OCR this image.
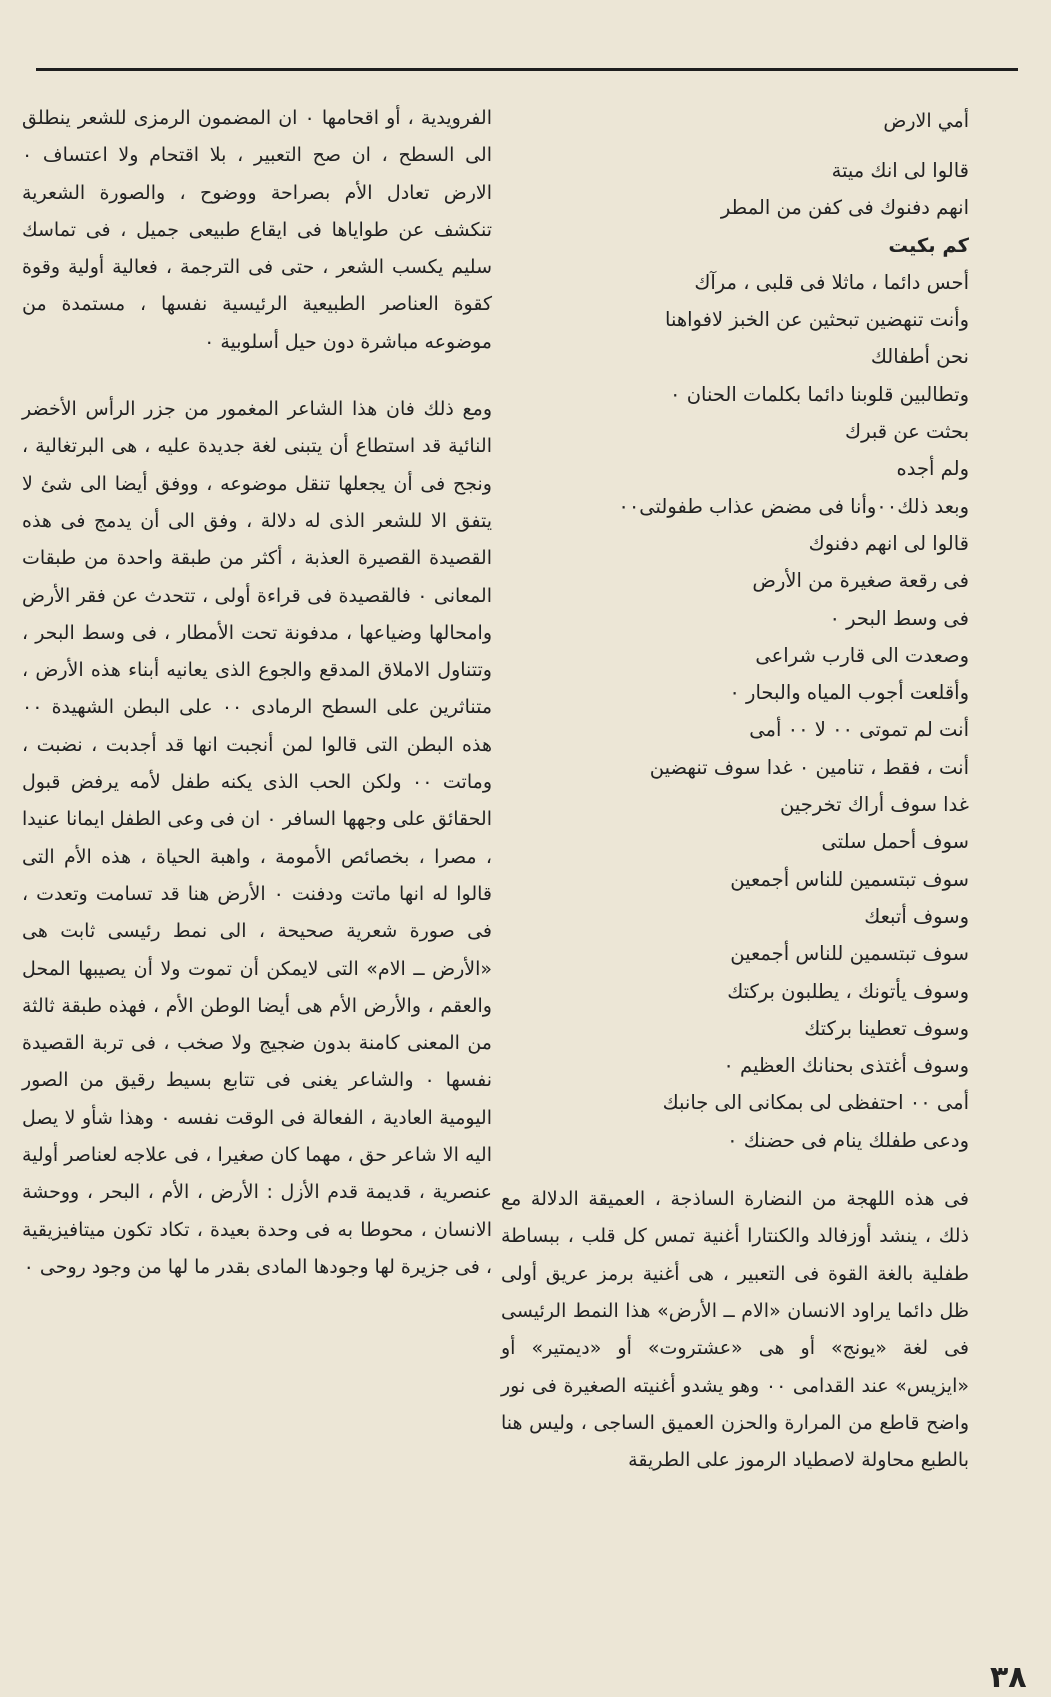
أمي الارض
قالوا لى انك ميتة
انهم دفنوك فى كفن من المطر
كم بكيت
أحس دائما ، ماثلا فى قلبى ، مرآك
وأنت تنهضين تبحثين عن الخبز لافواهنا
نحن أطفالك
وتطالبين قلوبنا دائما بكلمات الحنان ٠
بحثت عن قبرك
ولم أجده
وبعد ذلك٠٠وأنا فى مضض عذاب طفولتى٠٠
قالوا لى انهم دفنوك
فى رقعة صغيرة من الأرض
فى وسط البحر ٠
وصعدت الى قارب شراعى
وأقلعت أجوب المياه والبحار ٠
أنت لم تموتى ٠٠ لا ٠٠ أمى
أنت ، فقط ، تنامين ٠ غدا سوف تنهضين
غدا سوف أراك تخرجين
سوف أحمل سلتى
سوف تبتسمين للناس أجمعين
وسوف أتبعك
سوف تبتسمين للناس أجمعين
وسوف يأتونك ، يطلبون بركتك
وسوف تعطينا بركتك
وسوف أغتذى بحنانك العظيم ٠
أمى ٠٠ احتفظى لى بمكانى الى جانبك
ودعى طفلك ينام فى حضنك ٠

فى هذه اللهجة من النضارة الساذجة ، العميقة الدلالة مع ذلك ، ينشد أوزفالد والكنتارا أغنية تمس كل قلب ، ببساطة طفلية بالغة القوة فى التعبير ، هى أغنية برمز عريق أولى ظل دائما يراود الانسان «الام ــ الأرض» هذا النمط الرئيسى فى لغة «يونج» أو هى «عشتروت» أو «ديمتير» أو «ايزيس» عند القدامى ٠٠ وهو يشدو أغنيته الصغيرة فى نور واضح قاطع من المرارة والحزن العميق الساجى ، وليس هنا بالطبع محاولة لاصطياد الرموز على الطريقة

الفرويدية ، أو اقحامها ٠ ان المضمون الرمزى للشعر ينطلق الى السطح ، ان صح التعبير ، بلا اقتحام ولا اعتساف ٠ الارض تعادل الأم بصراحة ووضوح ، والصورة الشعرية تنكشف عن طواياها فى ايقاع طبيعى جميل ، فى تماسك سليم يكسب الشعر ، حتى فى الترجمة ، فعالية أولية وقوة كقوة العناصر الطبيعية الرئيسية نفسها ، مستمدة من موضوعه مباشرة دون حيل أسلوبية ٠

ومع ذلك فان هذا الشاعر المغمور من جزر الرأس الأخضر النائية قد استطاع أن يتبنى لغة جديدة عليه ، هى البرتغالية ، ونجح فى أن يجعلها تنقل موضوعه ، ووفق أيضا الى شئ لا يتفق الا للشعر الذى له دلالة ، وفق الى أن يدمج فى هذه القصيدة القصيرة العذبة ، أكثر من طبقة واحدة من طبقات المعانى ٠ فالقصيدة فى قراءة أولى ، تتحدث عن فقر الأرض وامحالها وضياعها ، مدفونة تحت الأمطار ، فى وسط البحر ، وتتناول الاملاق المدقع والجوع الذى يعانيه أبناء هذه الأرض ، متناثرين على السطح الرمادى ٠٠ على البطن الشهيدة ٠٠ هذه البطن التى قالوا لمن أنجبت انها قد أجدبت ، نضبت ، وماتت ٠٠ ولكن الحب الذى يكنه طفل لأمه يرفض قبول الحقائق على وجهها السافر ٠ ان فى وعى الطفل ايمانا عنيدا ، مصرا ، بخصائص الأمومة ، واهبة الحياة ، هذه الأم التى قالوا له انها ماتت ودفنت ٠ الأرض هنا قد تسامت وتعدت ، فى صورة شعرية صحيحة ، الى نمط رئيسى ثابت هى «الأرض ــ الام» التى لايمكن أن تموت ولا أن يصيبها المحل والعقم ، والأرض الأم هى أيضا الوطن الأم ، فهذه طبقة ثالثة من المعنى كامنة بدون ضجيج ولا صخب ، فى تربة القصيدة نفسها ٠ والشاعر يغنى فى تتابع بسيط رقيق من الصور اليومية العادية ، الفعالة فى الوقت نفسه ٠ وهذا شأو لا يصل اليه الا شاعر حق ، مهما كان صغيرا ، فى علاجه لعناصر أولية عنصرية ، قديمة قدم الأزل : الأرض ، الأم ، البحر ، ووحشة الانسان ، محوطا به فى وحدة بعيدة ، تكاد تكون ميتافيزيقية ، فى جزيرة لها وجودها المادى بقدر ما لها من وجود روحى ٠

٣٨
